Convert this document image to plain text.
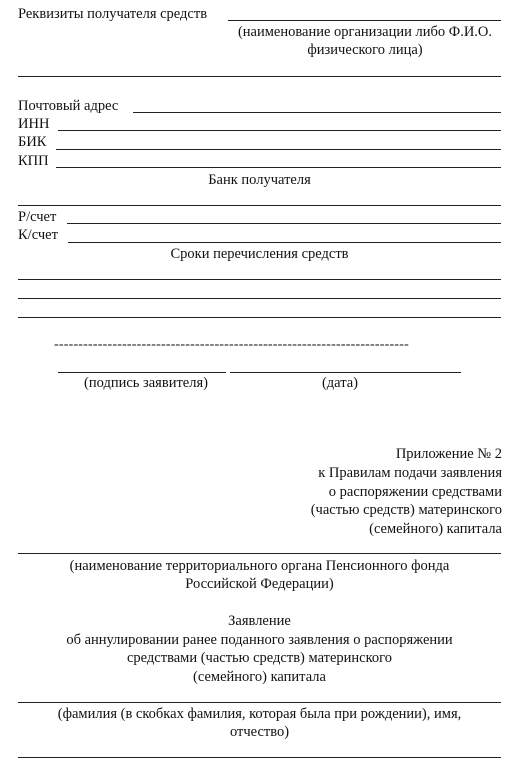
Реквизиты получателя средств
(наименование организации либо Ф.И.О.
физического лица)
Почтовый адрес
ИНН
БИК
КПП
Банк получателя
Р/счет
К/счет
Сроки перечисления средств
-------------------------------------------------------------------------
(подпись заявителя)	(дата)
Приложение № 2
к Правилам подачи заявления
о распоряжении средствами
(частью средств) материнского
(семейного) капитала
(наименование территориального органа Пенсионного фонда
Российской Федерации)
Заявление
об аннулировании ранее поданного заявления о распоряжении
средствами (частью средств) материнского
(семейного) капитала
(фамилия (в скобках фамилия, которая была при рождении), имя,
отчество)
